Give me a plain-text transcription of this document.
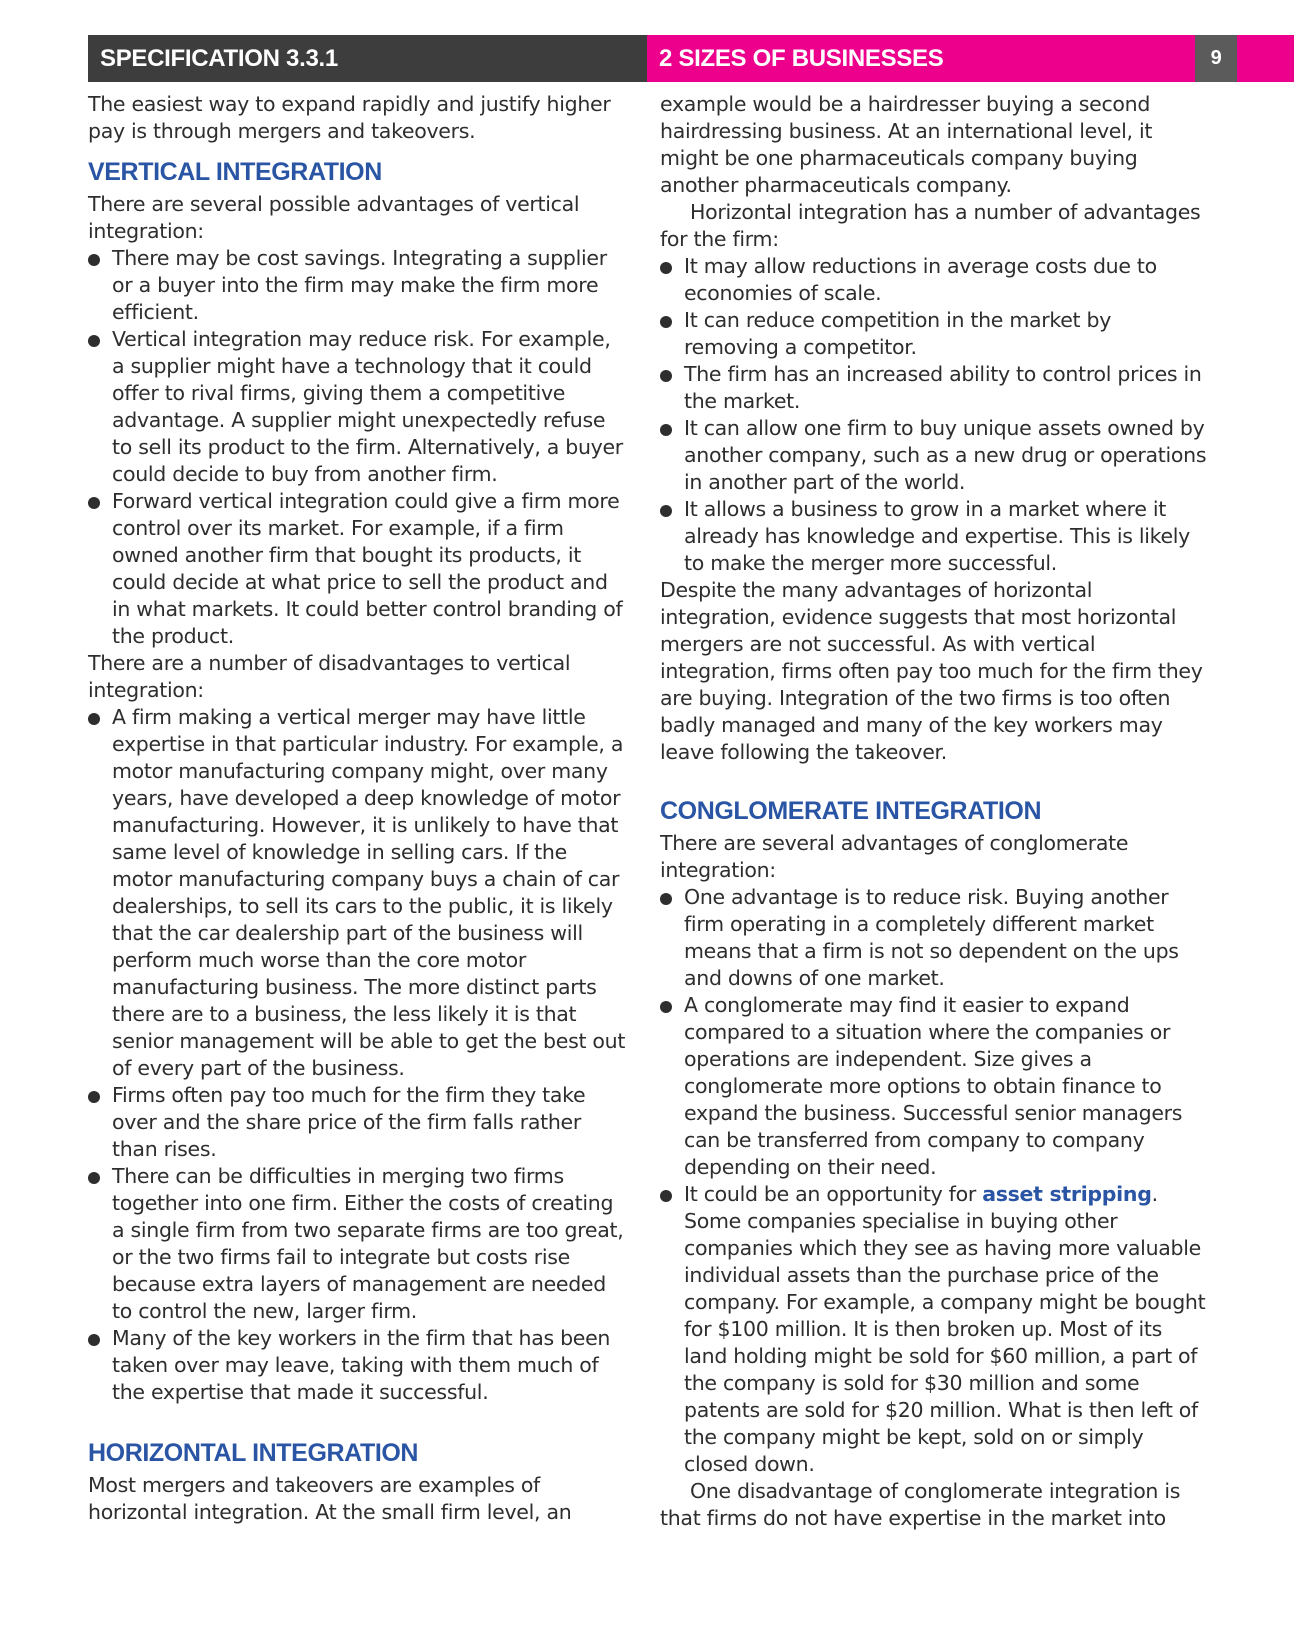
SPECIFICATION 3.3.1	2 SIZES OF BUSINESSES	9

The easiest way to expand rapidly and justify higher pay is through mergers and takeovers.

VERTICAL INTEGRATION

There are several possible advantages of vertical integration:

There may be cost savings. Integrating a supplier or a buyer into the firm may make the firm more efficient.
Vertical integration may reduce risk. For example, a supplier might have a technology that it could offer to rival firms, giving them a competitive advantage. A supplier might unexpectedly refuse to sell its product to the firm. Alternatively, a buyer could decide to buy from another firm.
Forward vertical integration could give a firm more control over its market. For example, if a firm owned another firm that bought its products, it could decide at what price to sell the product and in what markets. It could better control branding of the product.

There are a number of disadvantages to vertical integration:

A firm making a vertical merger may have little expertise in that particular industry. For example, a motor manufacturing company might, over many years, have developed a deep knowledge of motor manufacturing. However, it is unlikely to have that same level of knowledge in selling cars. If the motor manufacturing company buys a chain of car dealerships, to sell its cars to the public, it is likely that the car dealership part of the business will perform much worse than the core motor manufacturing business. The more distinct parts there are to a business, the less likely it is that senior management will be able to get the best out of every part of the business.
Firms often pay too much for the firm they take over and the share price of the firm falls rather than rises.
There can be difficulties in merging two firms together into one firm. Either the costs of creating a single firm from two separate firms are too great, or the two firms fail to integrate but costs rise because extra layers of management are needed to control the new, larger firm.
Many of the key workers in the firm that has been taken over may leave, taking with them much of the expertise that made it successful.
HORIZONTAL INTEGRATION

Most mergers and takeovers are examples of horizontal integration. At the small firm level, an

example would be a hairdresser buying a second hairdressing business. At an international level, it might be one pharmaceuticals company buying another pharmaceuticals company.

Horizontal integration has a number of advantages for the firm:

It may allow reductions in average costs due to economies of scale.
It can reduce competition in the market by removing a competitor.
The firm has an increased ability to control prices in the market.
It can allow one firm to buy unique assets owned by another company, such as a new drug or operations in another part of the world.
It allows a business to grow in a market where it already has knowledge and expertise. This is likely to make the merger more successful.

Despite the many advantages of horizontal integration, evidence suggests that most horizontal mergers are not successful. As with vertical integration, firms often pay too much for the firm they are buying. Integration of the two firms is too often badly managed and many of the key workers may leave following the takeover.

CONGLOMERATE INTEGRATION

There are several advantages of conglomerate integration:

One advantage is to reduce risk. Buying another firm operating in a completely different market means that a firm is not so dependent on the ups and downs of one market.
A conglomerate may find it easier to expand compared to a situation where the companies or operations are independent. Size gives a conglomerate more options to obtain finance to expand the business. Successful senior managers can be transferred from company to company depending on their need.
It could be an opportunity for asset stripping. Some companies specialise in buying other companies which they see as having more valuable individual assets than the purchase price of the company. For example, a company might be bought for $100 million. It is then broken up. Most of its land holding might be sold for $60 million, a part of the company is sold for $30 million and some patents are sold for $20 million. What is then left of the company might be kept, sold on or simply closed down.

One disadvantage of conglomerate integration is that firms do not have expertise in the market into
